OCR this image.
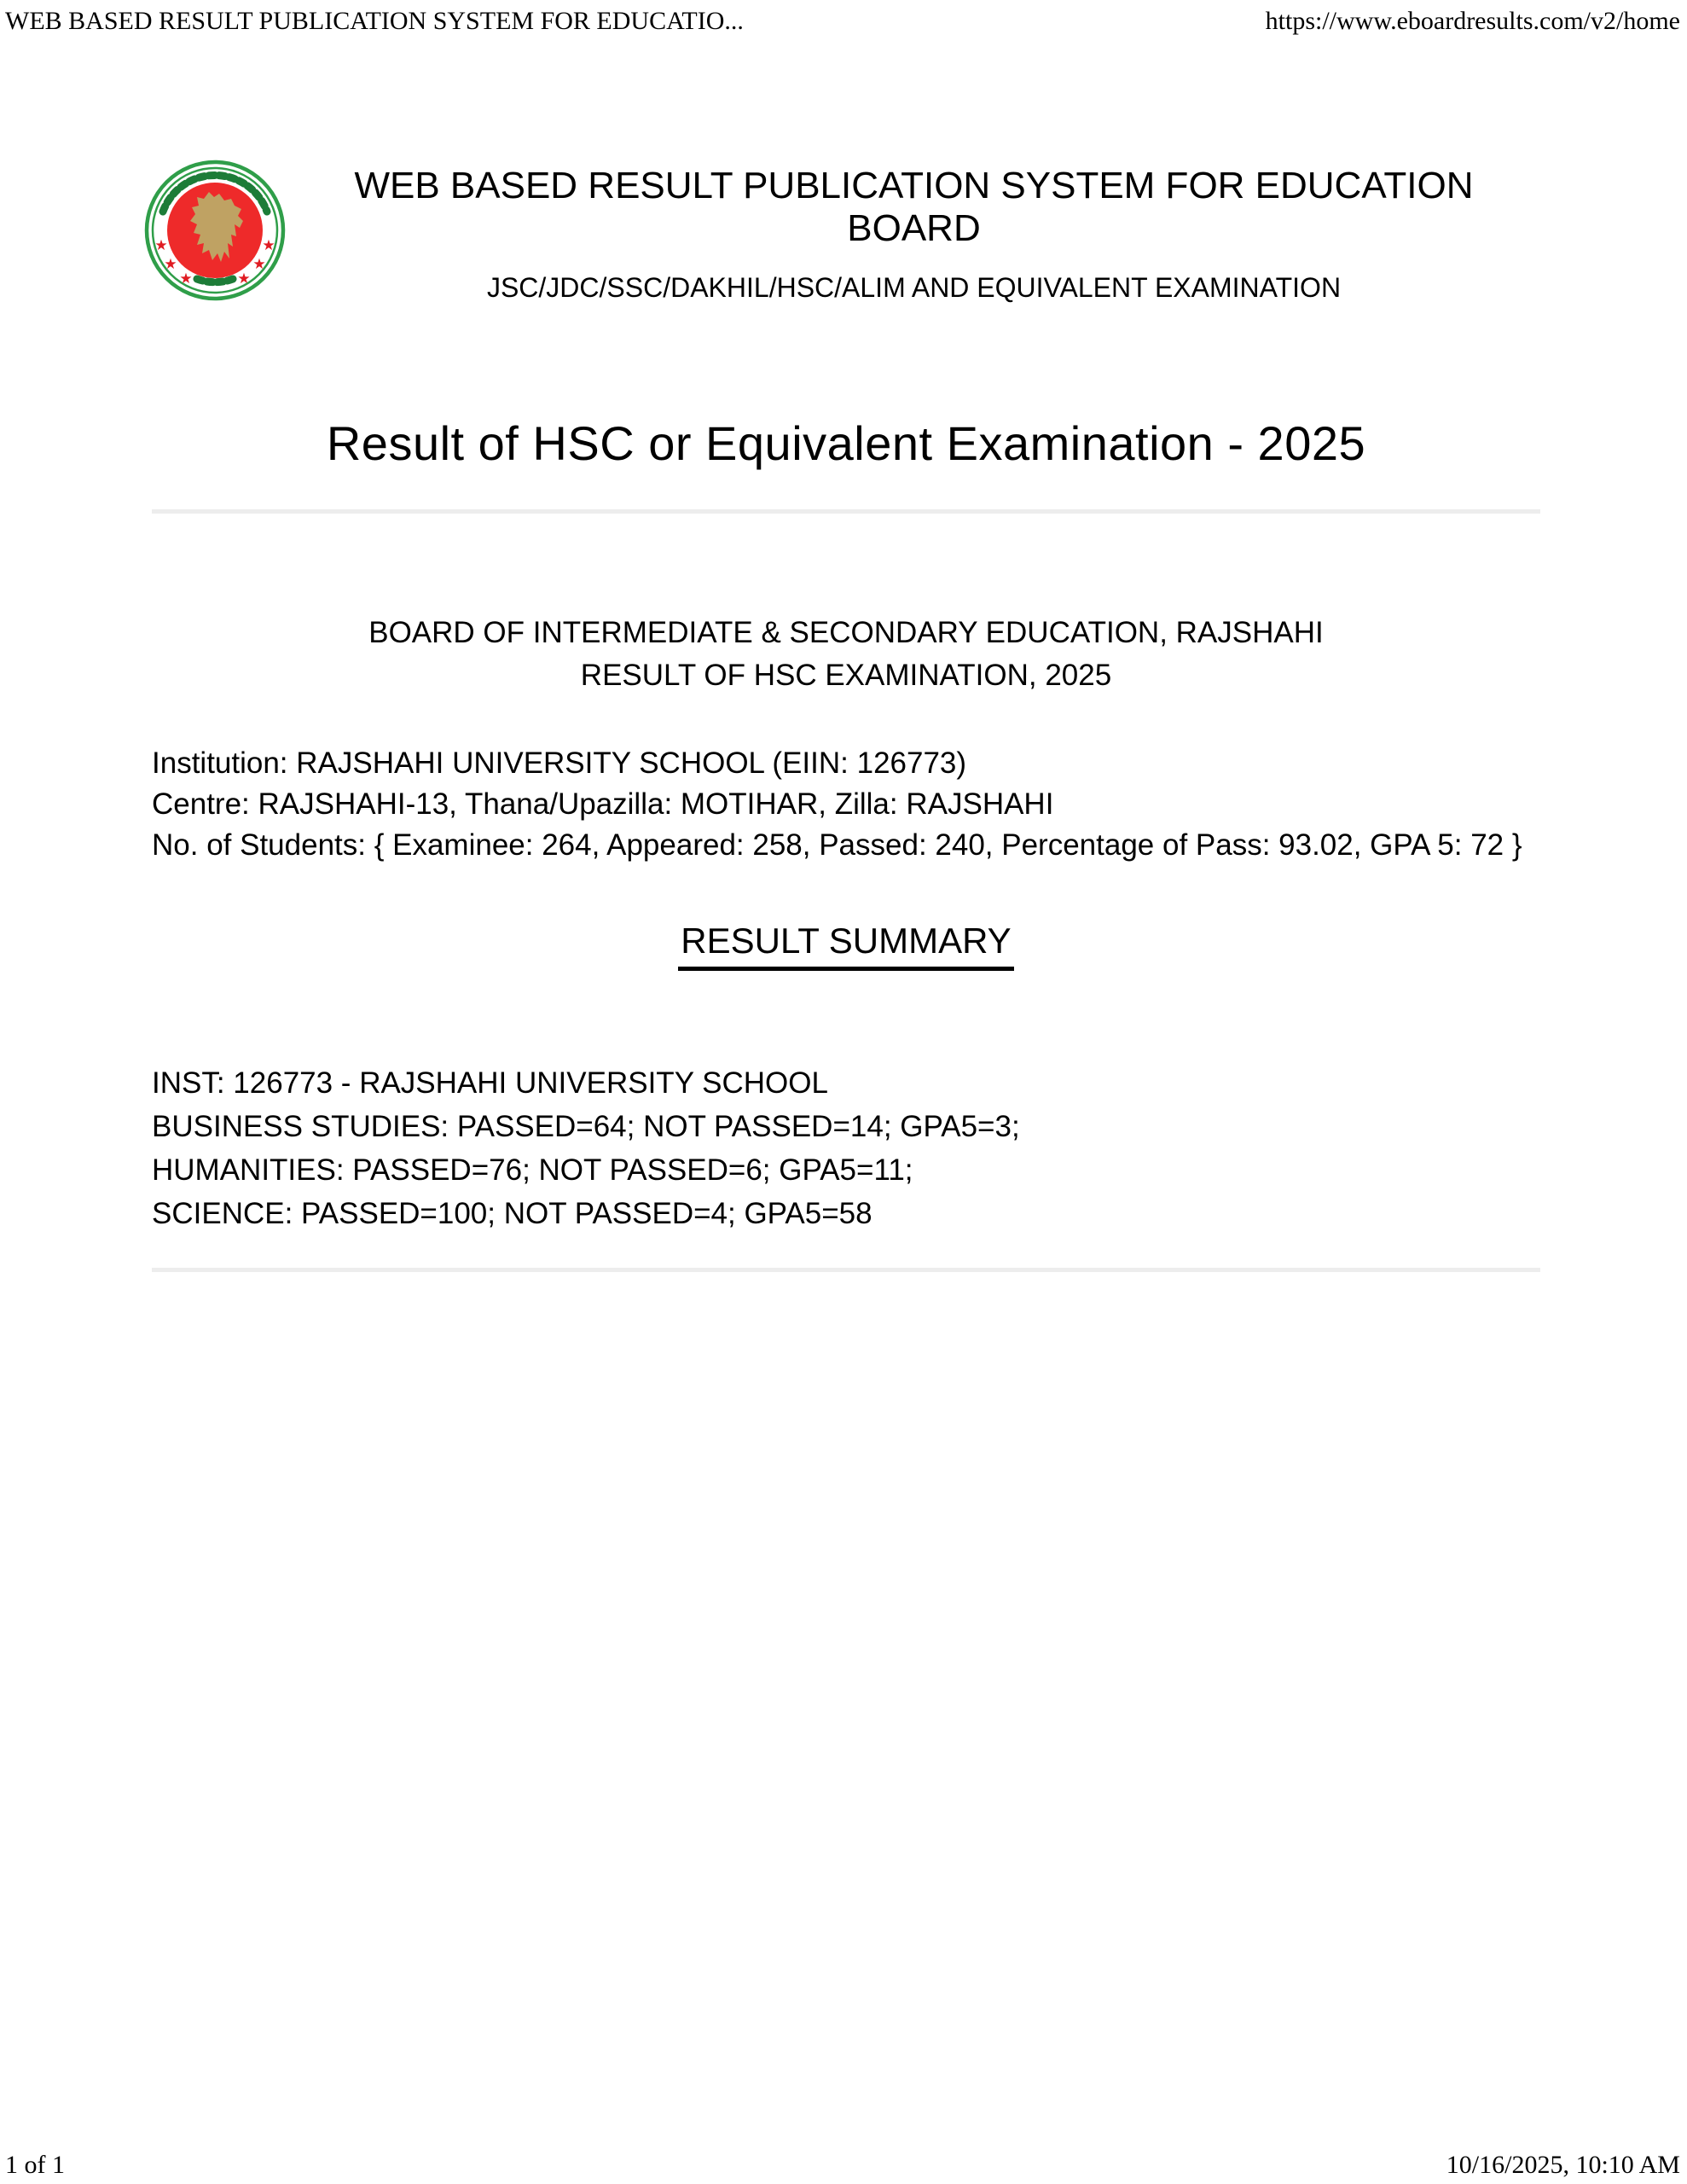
WEB BASED RESULT PUBLICATION SYSTEM FOR EDUCATIO...	https://www.eboardresults.com/v2/home
★
★
★
★
★
★
WEB BASED RESULT PUBLICATION SYSTEM FOR EDUCATION BOARD
JSC/JDC/SSC/DAKHIL/HSC/ALIM AND EQUIVALENT EXAMINATION
Result of HSC or Equivalent Examination - 2025
BOARD OF INTERMEDIATE & SECONDARY EDUCATION, RAJSHAHI
RESULT OF HSC EXAMINATION, 2025
Institution: RAJSHAHI UNIVERSITY SCHOOL (EIIN: 126773)
Centre: RAJSHAHI-13, Thana/Upazilla: MOTIHAR, Zilla: RAJSHAHI
No. of Students: { Examinee: 264, Appeared: 258, Passed: 240, Percentage of Pass: 93.02, GPA 5: 72 }
RESULT SUMMARY
INST: 126773 - RAJSHAHI UNIVERSITY SCHOOL
BUSINESS STUDIES: PASSED=64; NOT PASSED=14; GPA5=3;
HUMANITIES: PASSED=76; NOT PASSED=6; GPA5=11;
SCIENCE: PASSED=100; NOT PASSED=4; GPA5=58
1 of 1	10/16/2025, 10:10 AM
